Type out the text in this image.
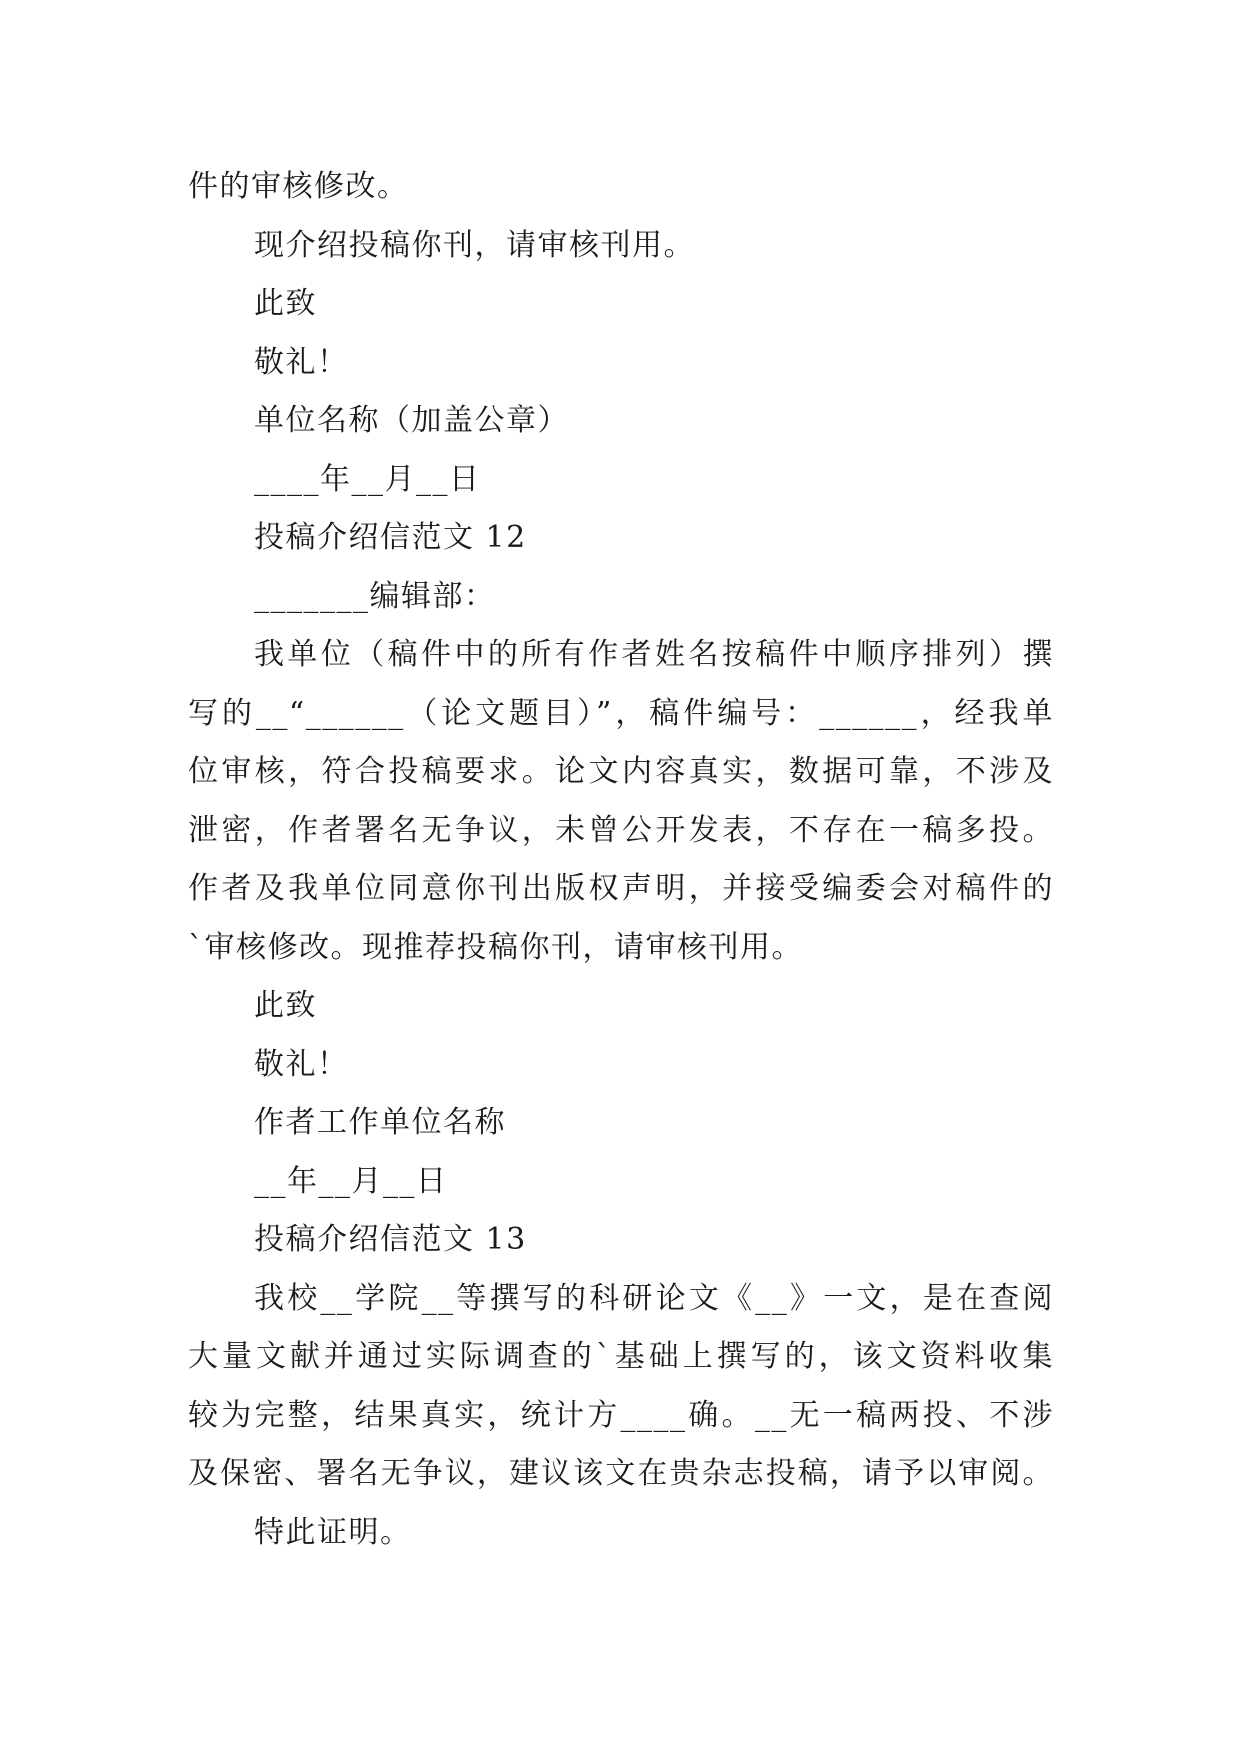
件的审核修改。
现介绍投稿你刊，请审核刊用。
此致
敬礼！
单位名称（加盖公章）
____年__月__日
投稿介绍信范文 12
_______编辑部：
我单位（稿件中的所有作者姓名按稿件中顺序排列）撰
写的__“______（论文题目）”，稿件编号：______，经我单
位审核，符合投稿要求。论文内容真实，数据可靠，不涉及
泄密，作者署名无争议，未曾公开发表，不存在一稿多投。
作者及我单位同意你刊出版权声明，并接受编委会对稿件的
`审核修改。现推荐投稿你刊，请审核刊用。
此致
敬礼！
作者工作单位名称
__年__月__日
投稿介绍信范文 13
我校__学院__等撰写的科研论文《__》一文，是在查阅
大量文献并通过实际调查的`基础上撰写的，该文资料收集
较为完整，结果真实，统计方____确。__无一稿两投、不涉
及保密、署名无争议，建议该文在贵杂志投稿，请予以审阅。
特此证明。
